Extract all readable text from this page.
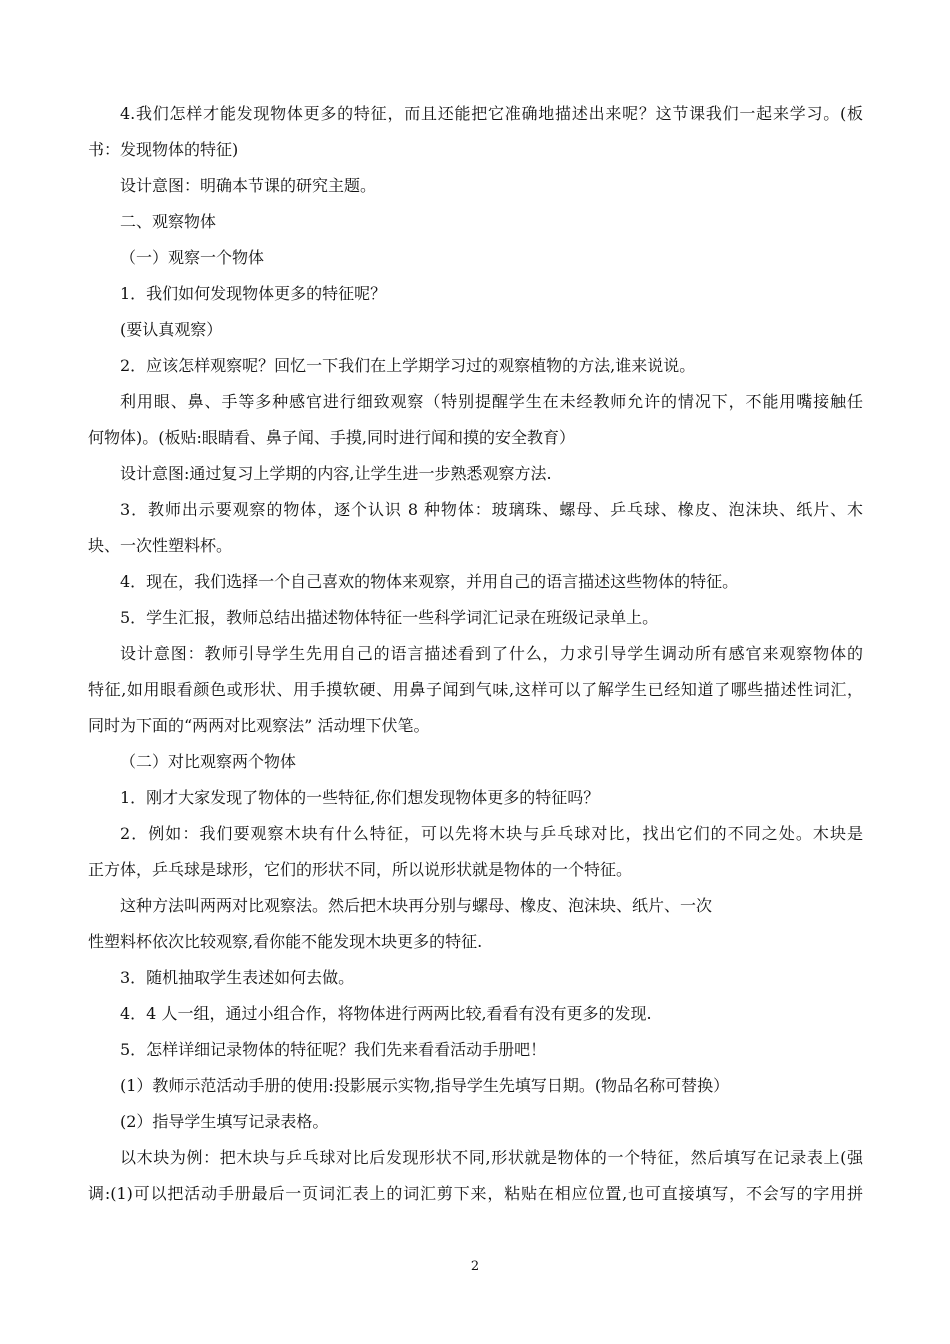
4.我们怎样才能发现物体更多的特征，而且还能把它准确地描述出来呢？这节课我们一起来学习。(板
书：发现物体的特征)
设计意图：明确本节课的研究主题。
二、观察物体
（一）观察一个物体
1．我们如何发现物体更多的特征呢？
(要认真观察）
2．应该怎样观察呢？回忆一下我们在上学期学习过的观察植物的方法,谁来说说。
利用眼、鼻、手等多种感官进行细致观察（特别提醒学生在未经教师允许的情况下，不能用嘴接触任
何物体)。(板贴:眼睛看、鼻子闻、手摸,同时进行闻和摸的安全教育）
设计意图:通过复习上学期的内容,让学生进一步熟悉观察方法.
3．教师出示要观察的物体，逐个认识 8 种物体：玻璃珠、螺母、乒乓球、橡皮、泡沫块、纸片、木
块、一次性塑料杯。
4．现在，我们选择一个自己喜欢的物体来观察，并用自己的语言描述这些物体的特征。
5．学生汇报，教师总结出描述物体特征一些科学词汇记录在班级记录单上。
设计意图：教师引导学生先用自己的语言描述看到了什么，力求引导学生调动所有感官来观察物体的
特征,如用眼看颜色或形状、用手摸软硬、用鼻子闻到气味,这样可以了解学生已经知道了哪些描述性词汇，
同时为下面的“两两对比观察法” 活动埋下伏笔。
（二）对比观察两个物体
1．刚才大家发现了物体的一些特征,你们想发现物体更多的特征吗？
2．例如：我们要观察木块有什么特征，可以先将木块与乒乓球对比，找出它们的不同之处。木块是
正方体，乒乓球是球形，它们的形状不同，所以说形状就是物体的一个特征。
这种方法叫两两对比观察法。然后把木块再分别与螺母、橡皮、泡沫块、纸片、一次
性塑料杯依次比较观察,看你能不能发现木块更多的特征.
3．随机抽取学生表述如何去做。
4．4 人一组，通过小组合作，将物体进行两两比较,看看有没有更多的发现.
5．怎样详细记录物体的特征呢？我们先来看看活动手册吧！
(1）教师示范活动手册的使用:投影展示实物,指导学生先填写日期。(物品名称可替换）
(2）指导学生填写记录表格。
以木块为例：把木块与乒乓球对比后发现形状不同,形状就是物体的一个特征，然后填写在记录表上(强
调:(1)可以把活动手册最后一页词汇表上的词汇剪下来，粘贴在相应位置,也可直接填写，不会写的字用拼
2
